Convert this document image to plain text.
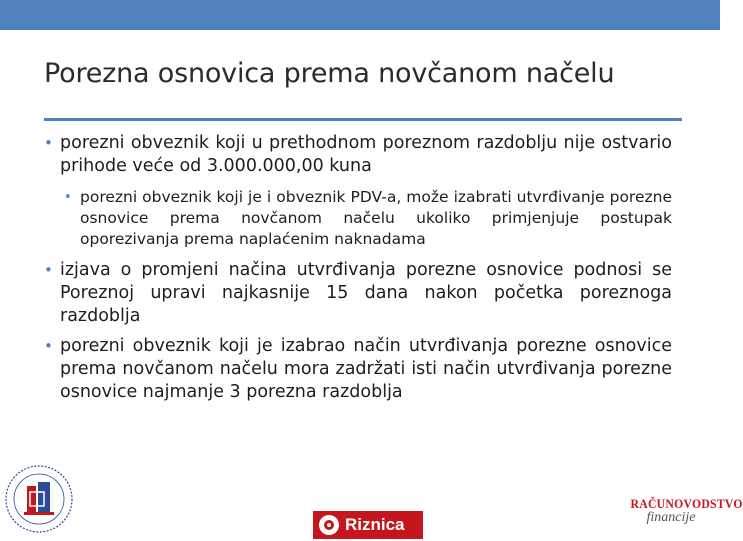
Porezna osnovica prema novčanom načelu
• porezni obveznik koji u prethodnom poreznom razdoblju nije ostvario prihode veće od 3.000.000,00 kuna
• porezni obveznik koji je i obveznik PDV-a, može izabrati utvrđivanje porezne osnovice prema novčanom načelu ukoliko primjenjuje postupak oporezivanja prema naplaćenim naknadama
• izjava o promjeni načina utvrđivanja porezne osnovice podnosi se Poreznoj upravi najkasnije 15 dana nakon početka poreznoga razdoblja
• porezni obveznik koji je izabrao način utvrđivanja porezne osnovice prema novčanom načelu mora zadržati isti način utvrđivanja porezne osnovice najmanje 3 porezna razdoblja
Riznica
RAČUNOVODSTVO
financije
